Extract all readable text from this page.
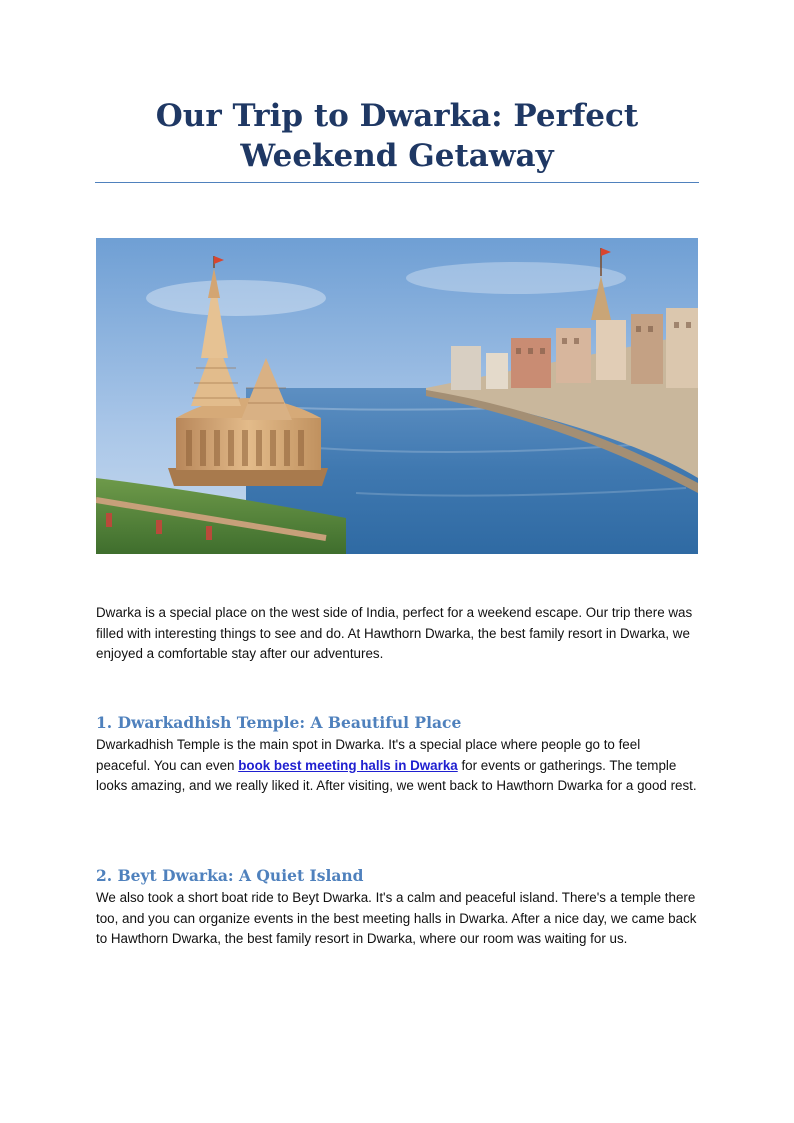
Our Trip to Dwarka: Perfect Weekend Getaway

Dwarka is a special place on the west side of India, perfect for a weekend escape. Our trip there was filled with interesting things to see and do. At Hawthorn Dwarka, the best family resort in Dwarka, we enjoyed a comfortable stay after our adventures.

1. Dwarkadhish Temple: A Beautiful Place

Dwarkadhish Temple is the main spot in Dwarka. It's a special place where people go to feel peaceful. You can even book best meeting halls in Dwarka for events or gatherings. The temple looks amazing, and we really liked it. After visiting, we went back to Hawthorn Dwarka for a good rest.

2. Beyt Dwarka: A Quiet Island

We also took a short boat ride to Beyt Dwarka. It's a calm and peaceful island. There's a temple there too, and you can organize events in the best meeting halls in Dwarka. After a nice day, we came back to Hawthorn Dwarka, the best family resort in Dwarka, where our room was waiting for us.
